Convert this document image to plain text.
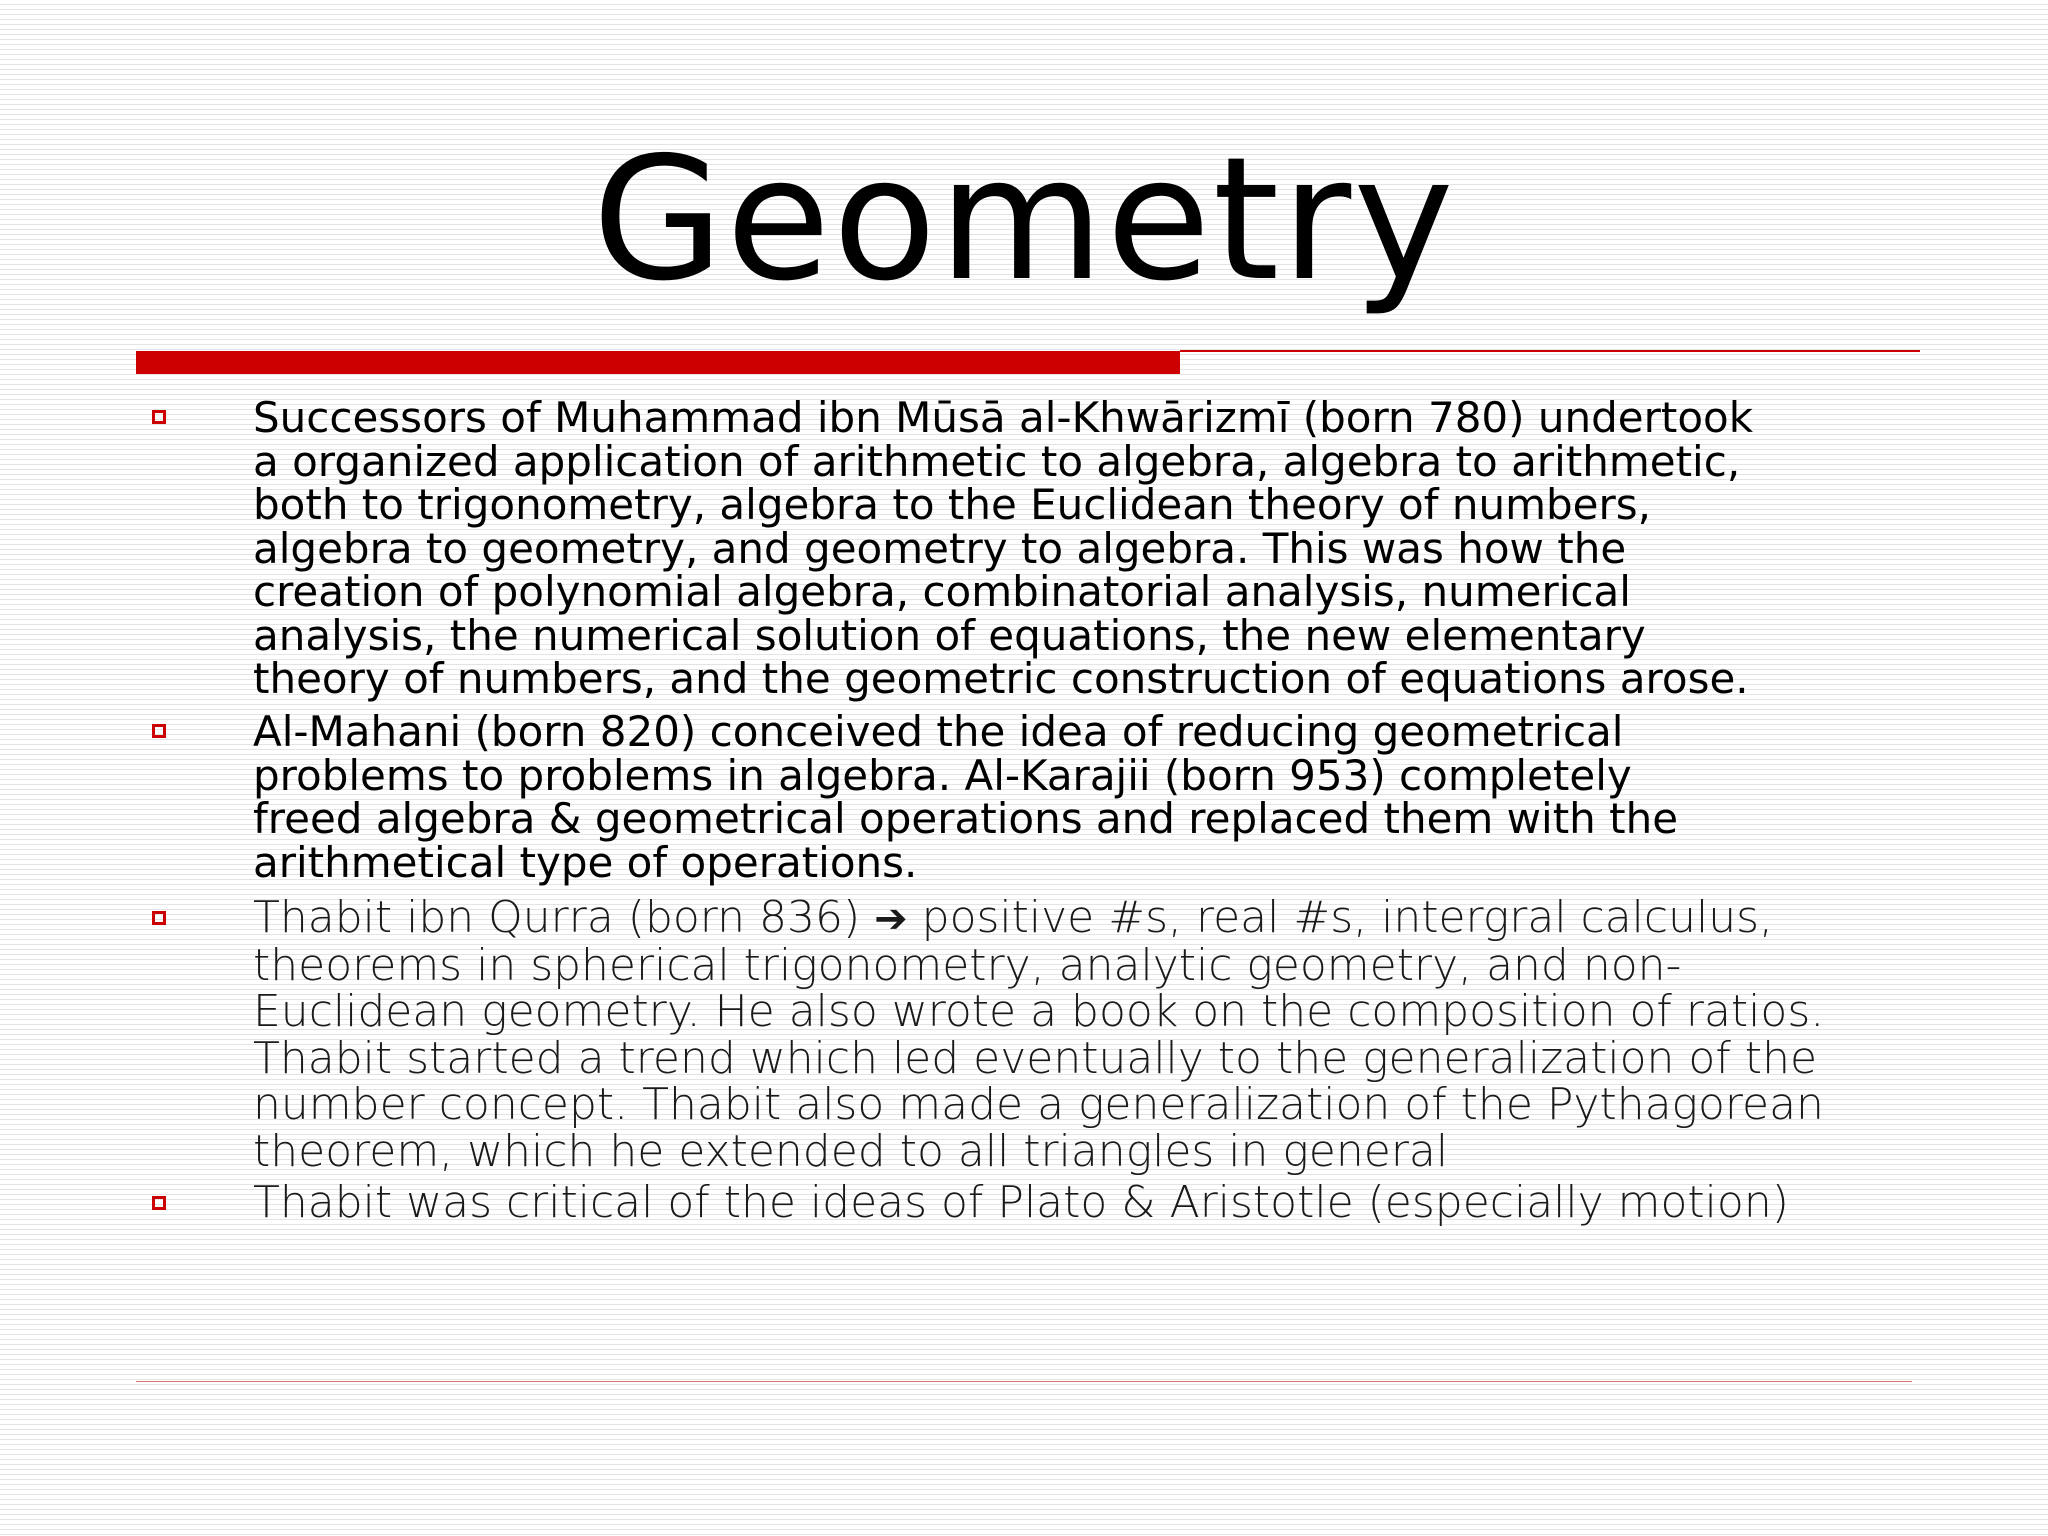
Geometry

Successors of Muhammad ibn Mūsā al-Khwārizmī (born 780) undertook
a organized application of arithmetic to algebra, algebra to arithmetic,
both to trigonometry, algebra to the Euclidean theory of numbers,
algebra to geometry, and geometry to algebra. This was how the
creation of polynomial algebra, combinatorial analysis, numerical
analysis, the numerical solution of equations, the new elementary
theory of numbers, and the geometric construction of equations arose.

Al-Mahani (born 820) conceived the idea of reducing geometrical
problems to problems in algebra. Al-Karajii (born 953) completely
freed algebra & geometrical operations and replaced them with the
arithmetical type of operations.

Thabit ibn Qurra (born 836) ➔ positive #s, real #s, intergral calculus,
theorems in spherical trigonometry, analytic geometry, and non-
Euclidean geometry. He also wrote a book on the composition of ratios.
Thabit started a trend which led eventually to the generalization of the
number concept. Thabit also made a generalization of the Pythagorean
theorem, which he extended to all triangles in general

Thabit was critical of the ideas of Plato & Aristotle (especially motion)
